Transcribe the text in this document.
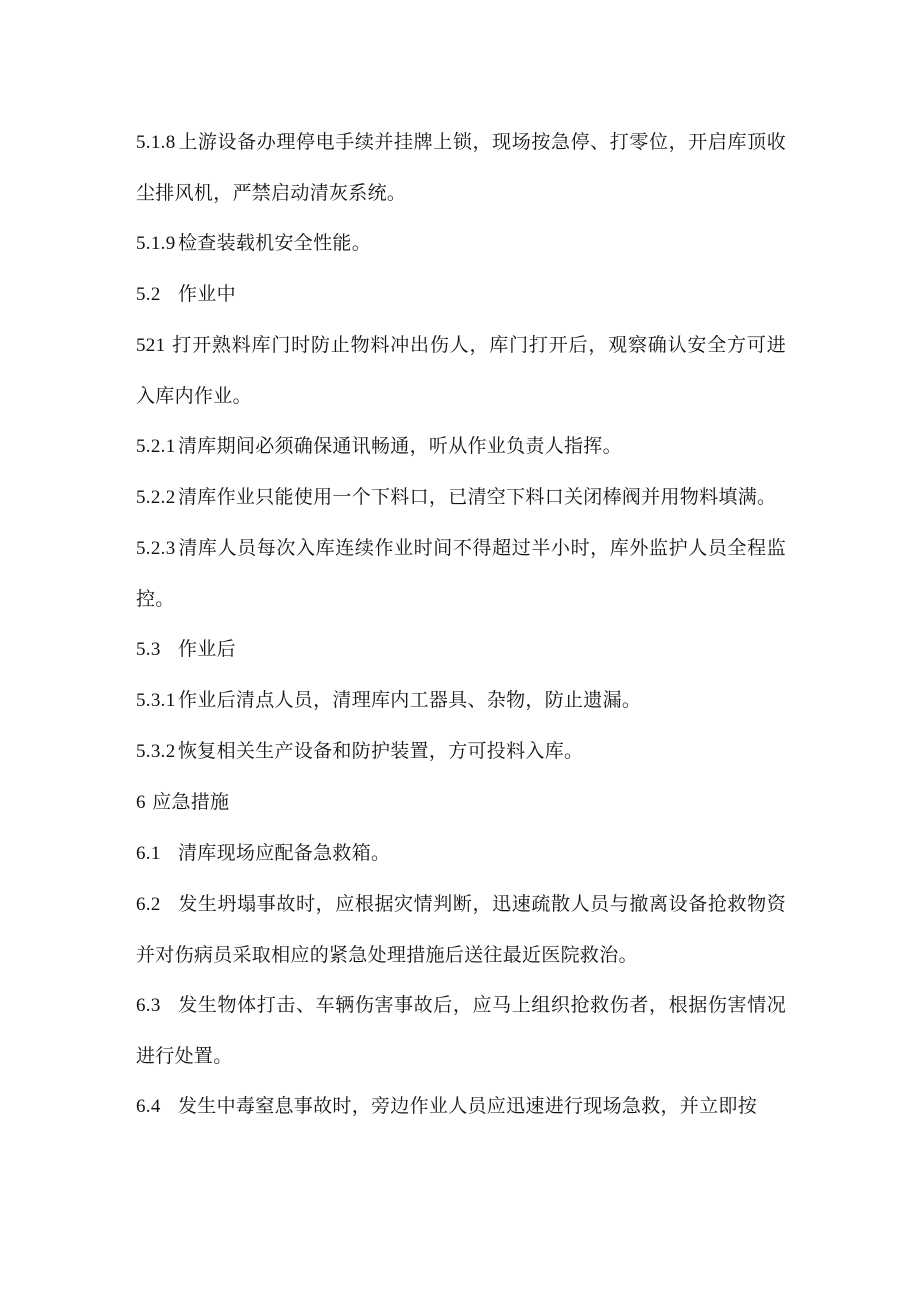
5.1.8 上游设备办理停电手续并挂牌上锁，现场按急停、打零位，开启库顶收尘排风机，严禁启动清灰系统。

5.1.9 检查装载机安全性能。

5.2 作业中

521 打开熟料库门时防止物料冲出伤人，库门打开后，观察确认安全方可进入库内作业。

5.2.1 清库期间必须确保通讯畅通，听从作业负责人指挥。

5.2.2 清库作业只能使用一个下料口，已清空下料口关闭棒阀并用物料填满。

5.2.3 清库人员每次入库连续作业时间不得超过半小时，库外监护人员全程监控。

5.3 作业后

5.3.1 作业后清点人员，清理库内工器具、杂物，防止遗漏。

5.3.2 恢复相关生产设备和防护装置，方可投料入库。

6 应急措施

6.1 清库现场应配备急救箱。

6.2 发生坍塌事故时，应根据灾情判断，迅速疏散人员与撤离设备抢救物资并对伤病员采取相应的紧急处理措施后送往最近医院救治。

6.3 发生物体打击、车辆伤害事故后，应马上组织抢救伤者，根据伤害情况进行处置。

6.4 发生中毒窒息事故时，旁边作业人员应迅速进行现场急救，并立即按
